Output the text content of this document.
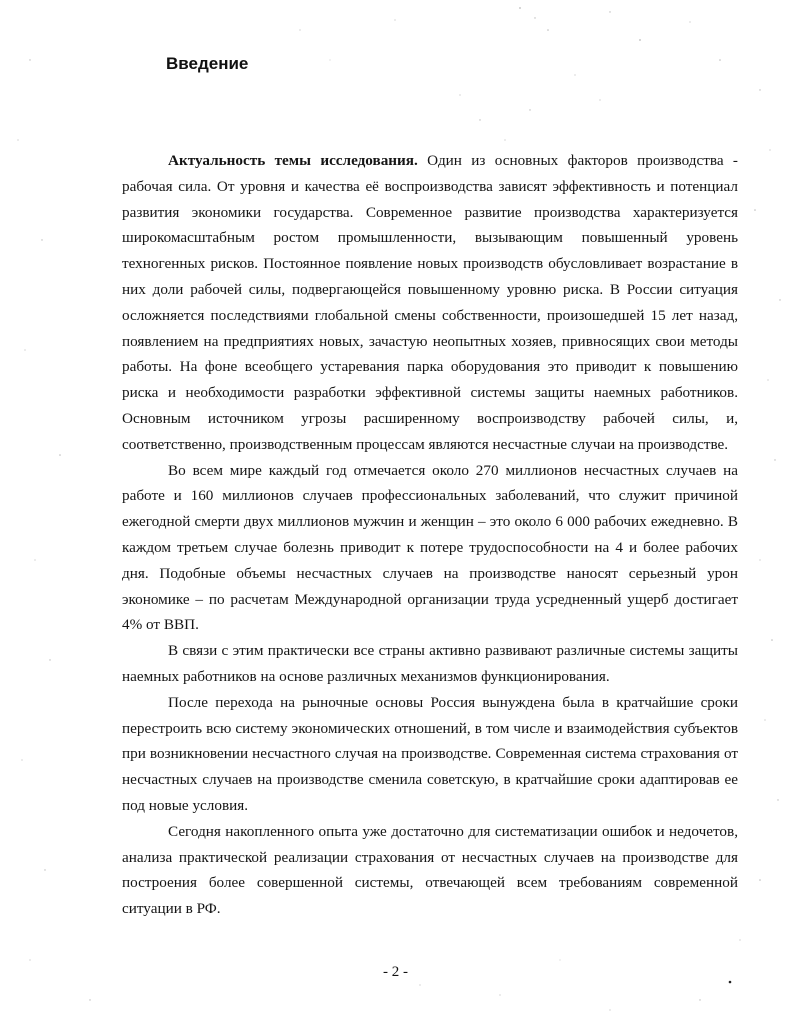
Введение

Актуальность темы исследования. Один из основных факторов производства - рабочая сила. От уровня и качества её воспроизводства зависят эффективность и потенциал развития экономики государства. Современное развитие производства характеризуется широкомасштабным ростом промышленности, вызывающим повышенный уровень техногенных рисков. Постоянное появление новых производств обусловливает возрастание в них доли рабочей силы, подвергающейся повышенному уровню риска. В России ситуация осложняется последствиями глобальной смены собственности, произошедшей 15 лет назад, появлением на предприятиях новых, зачастую неопытных хозяев, привносящих свои методы работы. На фоне всеобщего устаревания парка оборудования это приводит к повышению риска и необходимости разработки эффективной системы защиты наемных работников. Основным источником угрозы расширенному воспроизводству рабочей силы, и, соответственно, производственным процессам являются несчастные случаи на производстве.

Во всем мире каждый год отмечается около 270 миллионов несчастных случаев на работе и 160 миллионов случаев профессиональных заболеваний, что служит причиной ежегодной смерти двух миллионов мужчин и женщин – это около 6 000 рабочих ежедневно. В каждом третьем случае болезнь приводит к потере трудоспособности на 4 и более рабочих дня. Подобные объемы несчастных случаев на производстве наносят серьезный урон экономике – по расчетам Международной организации труда усредненный ущерб достигает 4% от ВВП.

В связи с этим практически все страны активно развивают различные системы защиты наемных работников на основе различных механизмов функционирования.

После перехода на рыночные основы Россия вынуждена была в кратчайшие сроки перестроить всю систему экономических отношений, в том числе и взаимодействия субъектов при возникновении несчастного случая на производстве. Современная система страхования от несчастных случаев на производстве сменила советскую, в кратчайшие сроки адаптировав ее под новые условия.

Сегодня накопленного опыта уже достаточно для систематизации ошибок и недочетов, анализа практической реализации страхования от несчастных случаев на производстве для построения более совершенной системы, отвечающей всем требованиям современной ситуации в РФ.

- 2 -
